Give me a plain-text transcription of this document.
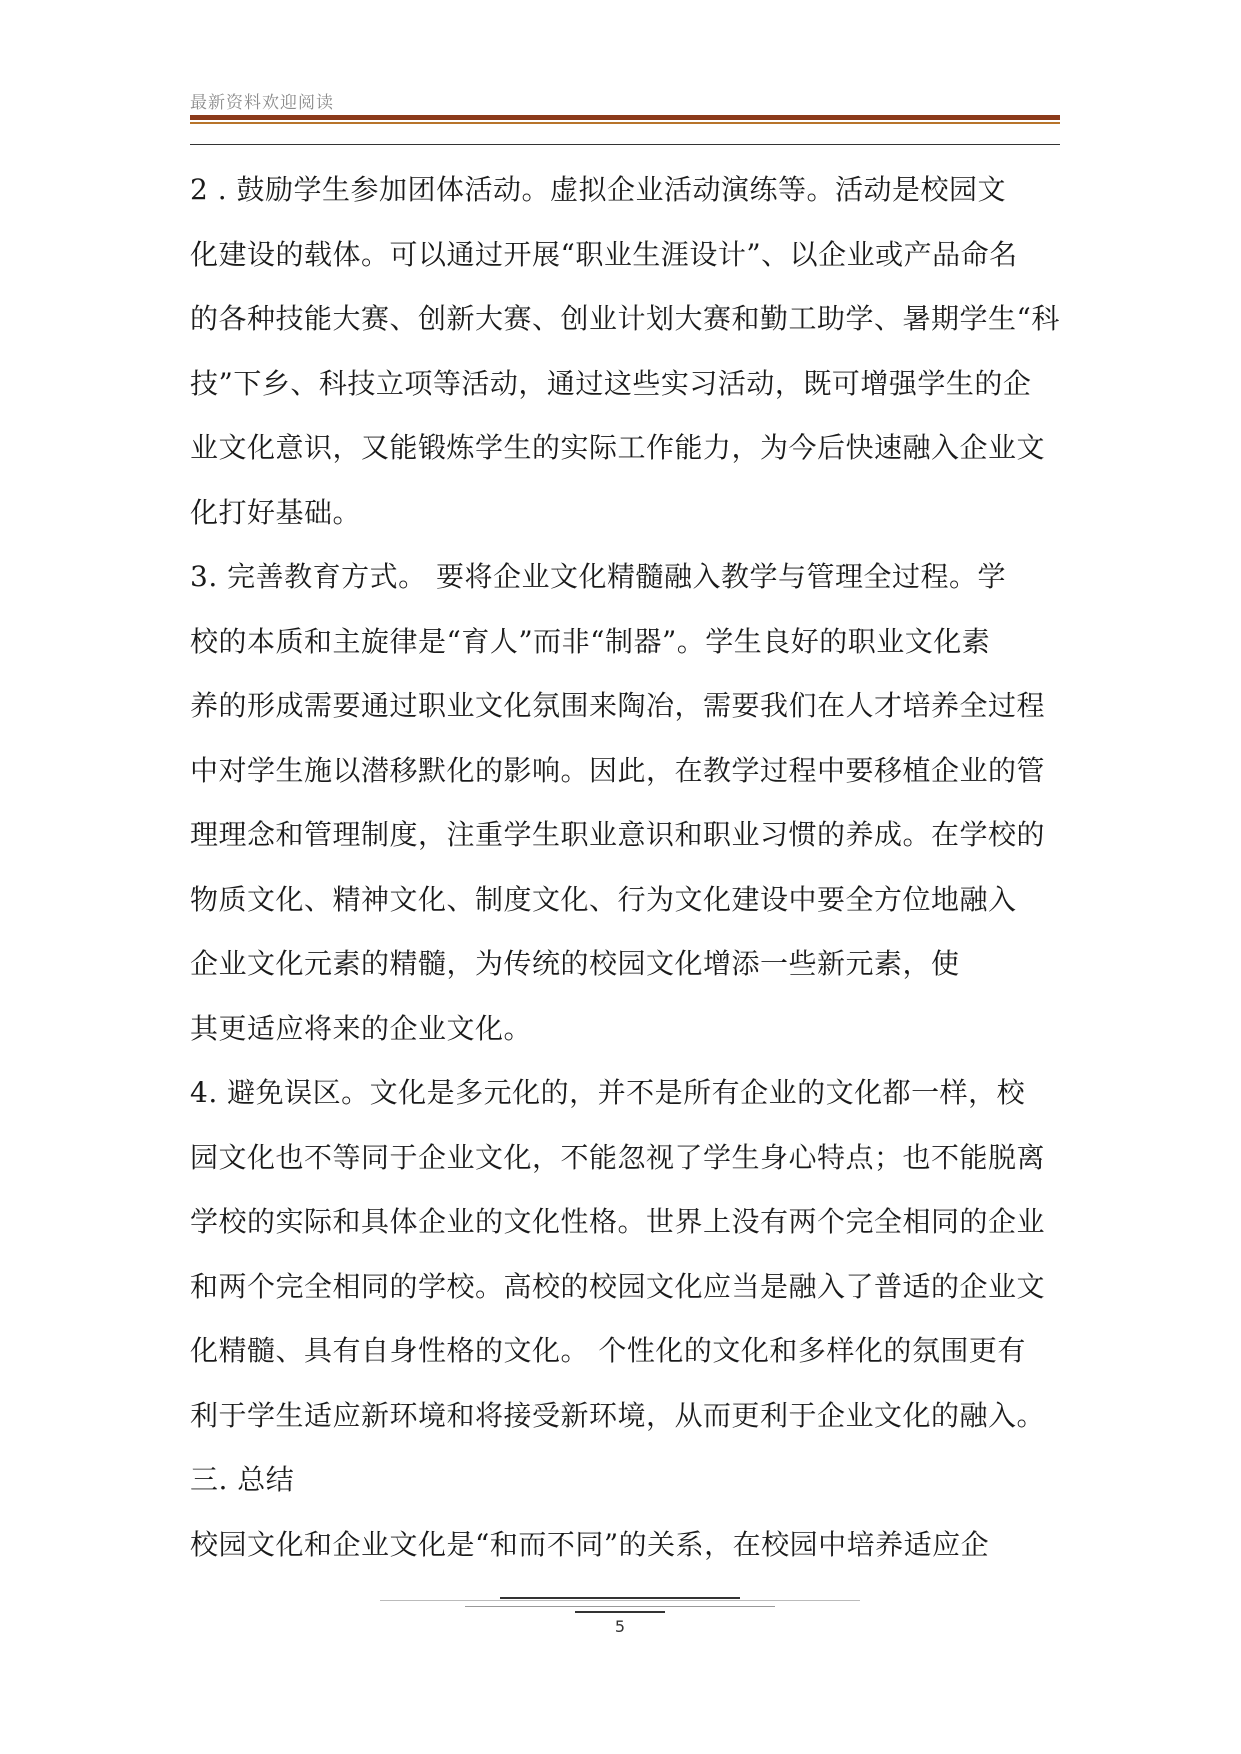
最新资料欢迎阅读
2 . 鼓励学生参加团体活动。虚拟企业活动演练等。活动是校园文
化建设的载体。可以通过开展“职业生涯设计”、以企业或产品命名
的各种技能大赛、创新大赛、创业计划大赛和勤工助学、暑期学生“科
技”下乡、科技立项等活动，通过这些实习活动，既可增强学生的企
业文化意识，又能锻炼学生的实际工作能力，为今后快速融入企业文
化打好基础。
3. 完善教育方式。 要将企业文化精髓融入教学与管理全过程。学
校的本质和主旋律是“育人”而非“制器”。学生良好的职业文化素
养的形成需要通过职业文化氛围来陶冶，需要我们在人才培养全过程
中对学生施以潜移默化的影响。因此，在教学过程中要移植企业的管
理理念和管理制度，注重学生职业意识和职业习惯的养成。在学校的
物质文化、精神文化、制度文化、行为文化建设中要全方位地融入
企业文化元素的精髓，为传统的校园文化增添一些新元素，使
其更适应将来的企业文化。
4. 避免误区。文化是多元化的，并不是所有企业的文化都一样，校
园文化也不等同于企业文化，不能忽视了学生身心特点；也不能脱离
学校的实际和具体企业的文化性格。世界上没有两个完全相同的企业
和两个完全相同的学校。高校的校园文化应当是融入了普适的企业文
化精髓、具有自身性格的文化。 个性化的文化和多样化的氛围更有
利于学生适应新环境和将接受新环境，从而更利于企业文化的融入。
三. 总结
校园文化和企业文化是“和而不同”的关系，在校园中培养适应企
5
